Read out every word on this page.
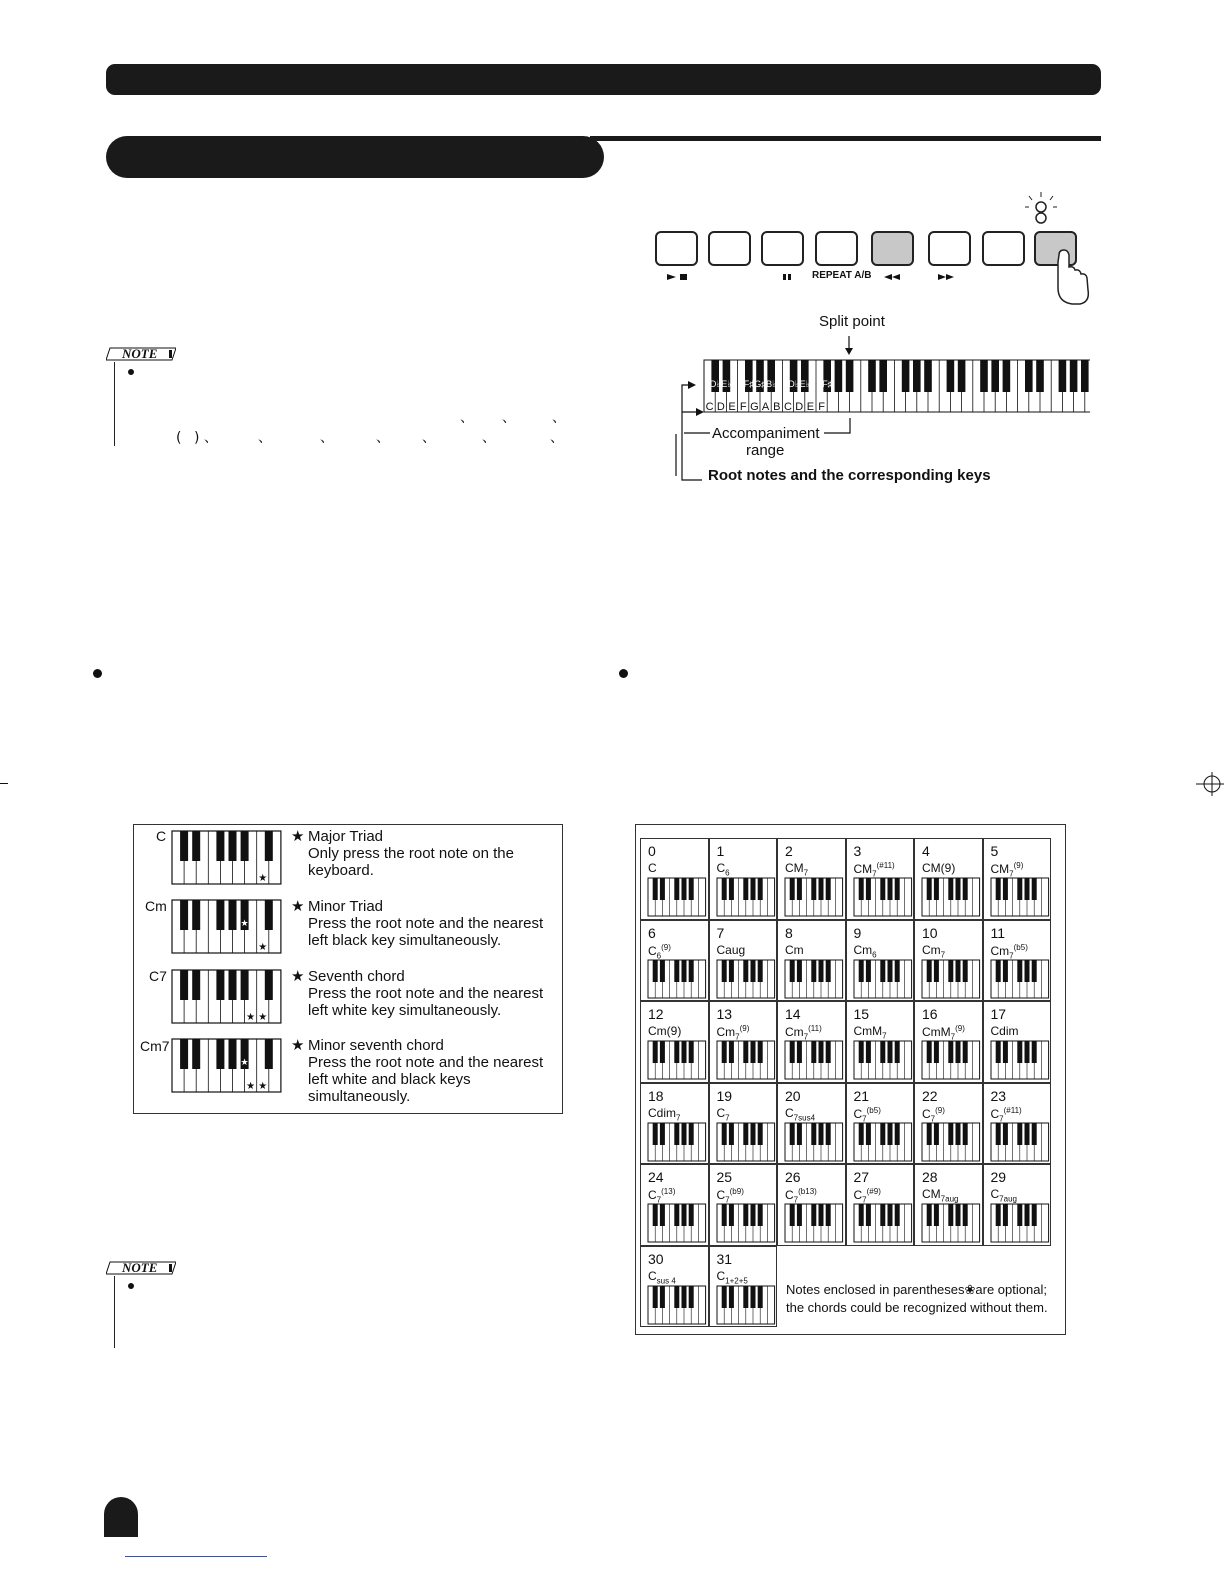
REPEAT A/B
Split point
D♭ E♭ F♯ G♯ B♭ D♭ E♭ F♯
C D E F G A B C D E F
Accompaniment
range
Root notes and the corresponding keys
NOTE
、 、	、
( ) 、	、	、	、 、	、	、
★
★
★
★
★
★
★
★
C
Cm
C7
Cm7
★ Major Triad
Only press the root note on the
keyboard.
★ Minor Triad
Press the root note and the nearest
left black key simultaneously.
★ Seventh chord
Press the root note and the nearest
left white key simultaneously.
★ Minor seventh chord
Press the root note and the nearest
left white and black keys
simultaneously.
0
C
1
$C_6$
2
$CM_7$
3
$CM_7^{(\#11)}$
4
CM(9)
5
$CM_7^{(9)}$
6
$C_6^{(9)}$
7
Caug
8
Cm
9
$Cm_6$
10
$Cm_7$
11
$Cm_7^{(b5)}$
12
Cm(9)
13
$Cm_7^{(9)}$
14
$Cm_7^{(11)}$
15
CmM$_7$
16
CmM$_7^{(9)}$
17
Cdim
18
Cdim$_7$
19
$C_7$
20
$C_{7sus4}$
21
$C_7^{(b5)}$
22
$C_7^{(9)}$
23
$C_7^{(\#11)}$
24
$C_7^{(13)}$
25
$C_7^{(b9)}$
26
$C_7^{(b13)}$
27
$C_7^{(\#9)}$
28
$CM_{7aug}$
29
$C_{7aug}$
30
$C_{sus 4}$
31
$C_{1+2+5}$
Notes enclosed in parentheses❀are optional;
the chords could be recognized without them.
NOTE
